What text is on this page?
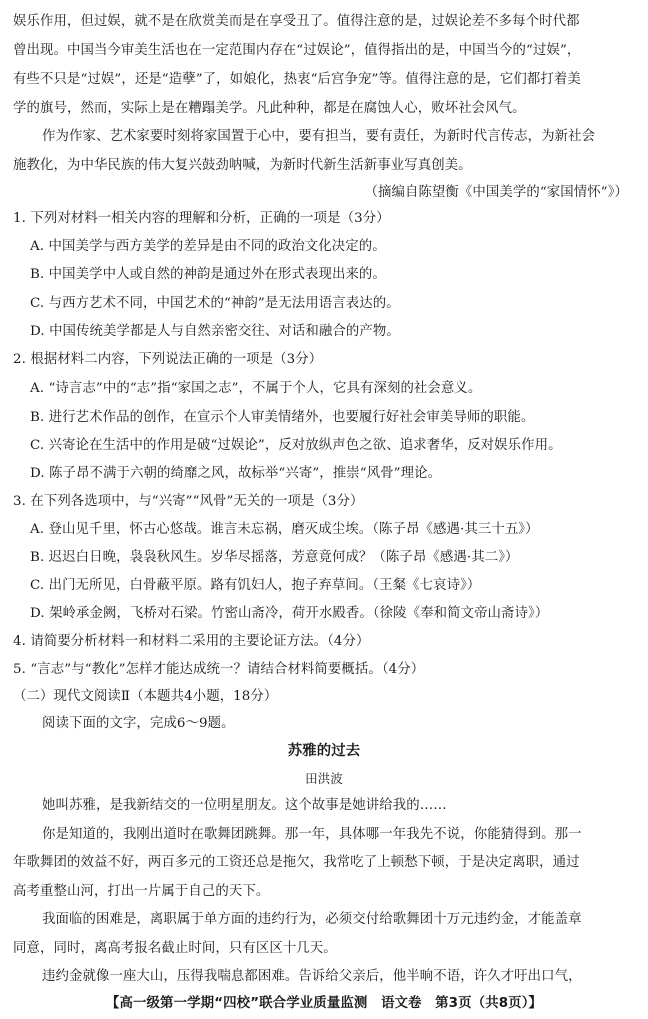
娱乐作用，但过娱，就不是在欣赏美而是在享受丑了。值得注意的是，过娱论差不多每个时代都
曾出现。中国当今审美生活也在一定范围内存在“过娱论”，值得指出的是，中国当今的“过娱”，
有些不只是“过娱”，还是“造孽”了，如娘化，热衷“后宫争宠”等。值得注意的是，它们都打着美
学的旗号，然而，实际上是在糟蹋美学。凡此种种，都是在腐蚀人心，败坏社会风气。
作为作家、艺术家要时刻将家国置于心中，要有担当，要有责任，为新时代言传志，为新社会
施教化，为中华民族的伟大复兴鼓劲呐喊，为新时代新生活新事业写真创美。
（摘编自陈望衡《中国美学的“家国情怀”》）
1. 下列对材料一相关内容的理解和分析，正确的一项是（3分）
A. 中国美学与西方美学的差异是由不同的政治文化决定的。
B. 中国美学中人或自然的神韵是通过外在形式表现出来的。
C. 与西方艺术不同，中国艺术的“神韵”是无法用语言表达的。
D. 中国传统美学都是人与自然亲密交往、对话和融合的产物。
2. 根据材料二内容，下列说法正确的一项是（3分）
A. “诗言志”中的“志”指“家国之志”，不属于个人，它具有深刻的社会意义。
B. 进行艺术作品的创作，在宣示个人审美情绪外，也要履行好社会审美导师的职能。
C. 兴寄论在生活中的作用是破“过娱论”，反对放纵声色之欲、追求奢华，反对娱乐作用。
D. 陈子昂不满于六朝的绮靡之风，故标举“兴寄”，推崇“风骨”理论。
3. 在下列各选项中，与“兴寄”“风骨”无关的一项是（3分）
A. 登山见千里，怀古心悠哉。谁言未忘祸，磨灭成尘埃。（陈子昂《感遇·其三十五》）
B. 迟迟白日晚，袅袅秋风生。岁华尽摇落，芳意竟何成？（陈子昂《感遇·其二》）
C. 出门无所见，白骨蔽平原。路有饥妇人，抱子弃草间。（王粲《七哀诗》）
D. 架岭承金阙，飞桥对石梁。竹密山斋冷，荷开水殿香。（徐陵《奉和简文帝山斋诗》）
4. 请简要分析材料一和材料二采用的主要论证方法。（4分）
5. “言志”与“教化”怎样才能达成统一？请结合材料简要概括。（4分）
（二）现代文阅读Ⅱ（本题共4小题，18分）
阅读下面的文字，完成6～9题。
苏雅的过去
田洪波
她叫苏雅，是我新结交的一位明星朋友。这个故事是她讲给我的……
你是知道的，我刚出道时在歌舞团跳舞。那一年，具体哪一年我先不说，你能猜得到。那一
年歌舞团的效益不好，两百多元的工资还总是拖欠，我常吃了上顿愁下顿，于是决定离职，通过
高考重整山河，打出一片属于自己的天下。
我面临的困难是，离职属于单方面的违约行为，必须交付给歌舞团十万元违约金，才能盖章
同意，同时，离高考报名截止时间，只有区区十几天。
违约金就像一座大山，压得我喘息都困难。告诉给父亲后，他半晌不语，许久才吁出口气，
【高一级第一学期“四校”联合学业质量监测　语文卷　第3页（共8页）】
